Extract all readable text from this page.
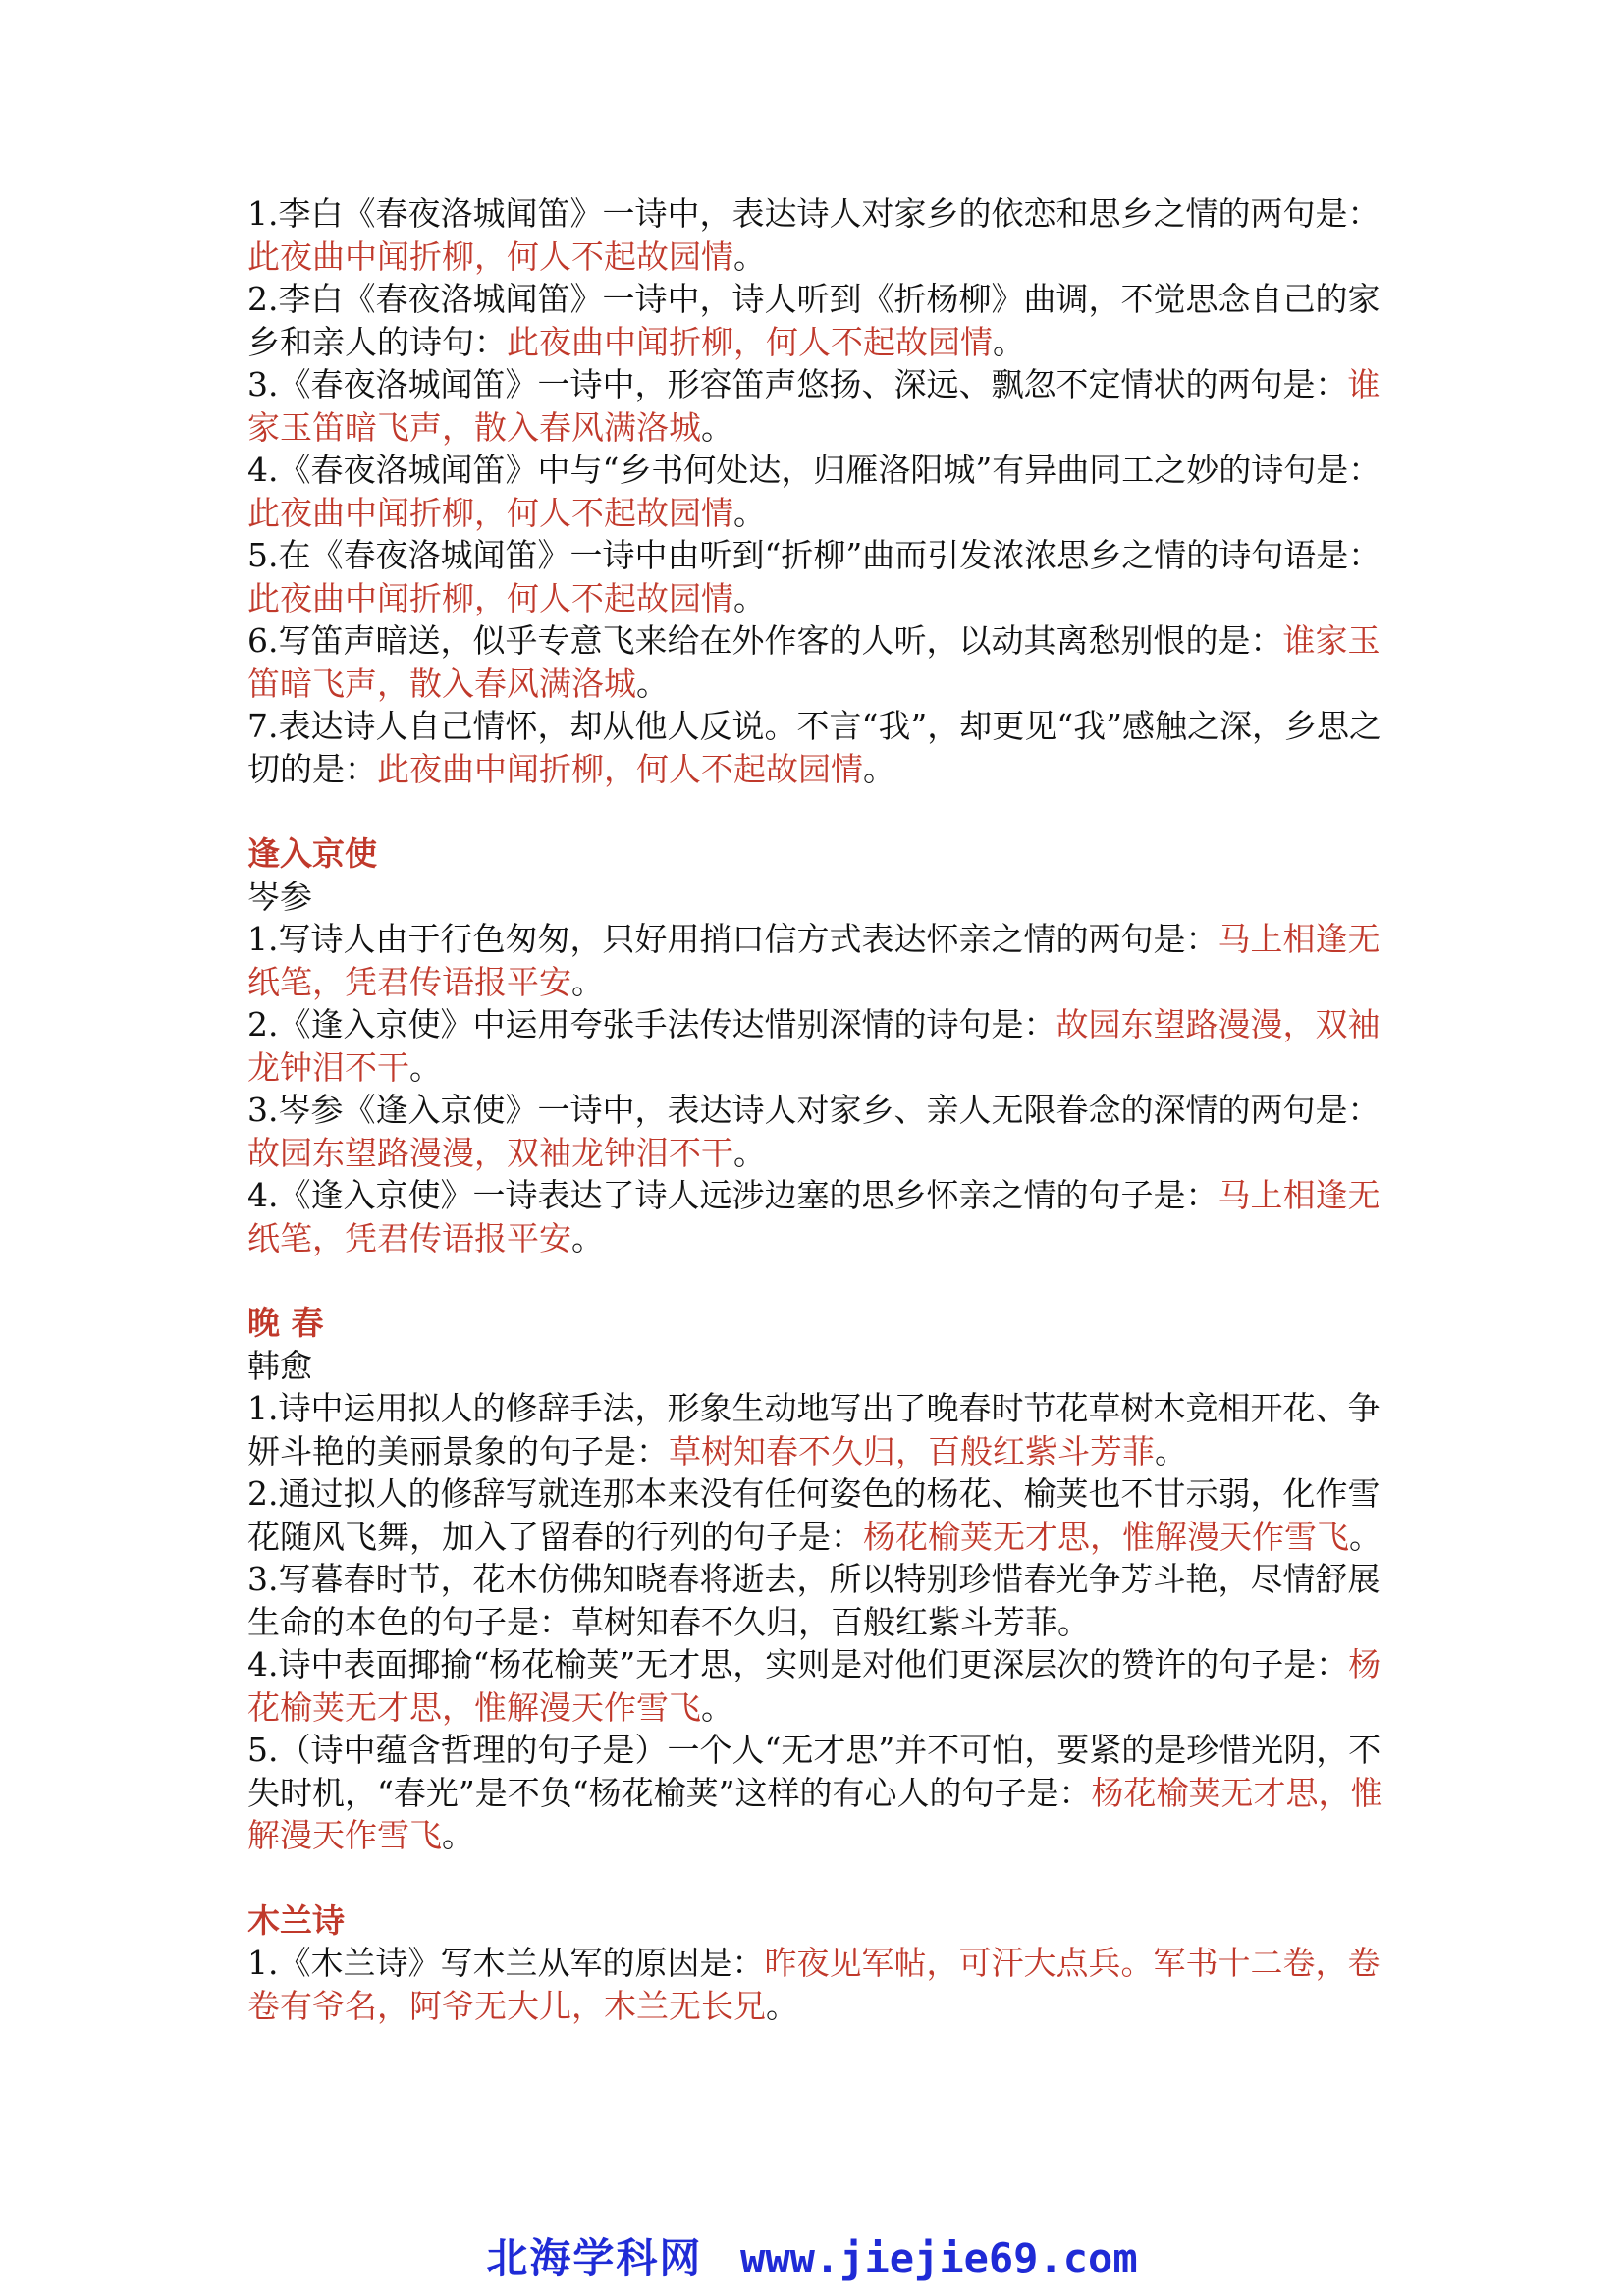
1.李白《春夜洛城闻笛》一诗中，表达诗人对家乡的依恋和思乡之情的两句是：

此夜曲中闻折柳，何人不起故园情。

2.李白《春夜洛城闻笛》一诗中，诗人听到《折杨柳》曲调，不觉思念自己的家

乡和亲人的诗句：此夜曲中闻折柳，何人不起故园情。

3.《春夜洛城闻笛》一诗中，形容笛声悠扬、深远、飘忽不定情状的两句是：谁

家玉笛暗飞声，散入春风满洛城。

4.《春夜洛城闻笛》中与“乡书何处达，归雁洛阳城”有异曲同工之妙的诗句是：

此夜曲中闻折柳，何人不起故园情。

5.在《春夜洛城闻笛》一诗中由听到“折柳”曲而引发浓浓思乡之情的诗句语是：

此夜曲中闻折柳，何人不起故园情。

6.写笛声暗送，似乎专意飞来给在外作客的人听，以动其离愁别恨的是：谁家玉

笛暗飞声，散入春风满洛城。

7.表达诗人自己情怀，却从他人反说。不言“我”，却更见“我”感触之深，乡思之

切的是：此夜曲中闻折柳，何人不起故园情。

逢入京使

岑参

1.写诗人由于行色匆匆，只好用捎口信方式表达怀亲之情的两句是：马上相逢无

纸笔，凭君传语报平安。

2.《逢入京使》中运用夸张手法传达惜别深情的诗句是：故园东望路漫漫，双袖

龙钟泪不干。

3.岑参《逢入京使》一诗中，表达诗人对家乡、亲人无限眷念的深情的两句是：

故园东望路漫漫，双袖龙钟泪不干。

4.《逢入京使》一诗表达了诗人远涉边塞的思乡怀亲之情的句子是：马上相逢无

纸笔，凭君传语报平安。

晚 春

韩愈

1.诗中运用拟人的修辞手法，形象生动地写出了晚春时节花草树木竞相开花、争

妍斗艳的美丽景象的句子是：草树知春不久归，百般红紫斗芳菲。

2.通过拟人的修辞写就连那本来没有任何姿色的杨花、榆荚也不甘示弱，化作雪

花随风飞舞，加入了留春的行列的句子是：杨花榆荚无才思，惟解漫天作雪飞。

3.写暮春时节，花木仿佛知晓春将逝去，所以特别珍惜春光争芳斗艳，尽情舒展

生命的本色的句子是：草树知春不久归，百般红紫斗芳菲。

4.诗中表面揶揄“杨花榆荚”无才思，实则是对他们更深层次的赞许的句子是：杨

花榆荚无才思，惟解漫天作雪飞。

5.（诗中蕴含哲理的句子是）一个人“无才思”并不可怕，要紧的是珍惜光阴，不

失时机，“春光”是不负“杨花榆荚”这样的有心人的句子是：杨花榆荚无才思，惟

解漫天作雪飞。

木兰诗

1.《木兰诗》写木兰从军的原因是：昨夜见军帖，可汗大点兵。军书十二卷，卷

卷有爷名，阿爷无大儿，木兰无长兄。

北海学科网 www.jiejie69.com
